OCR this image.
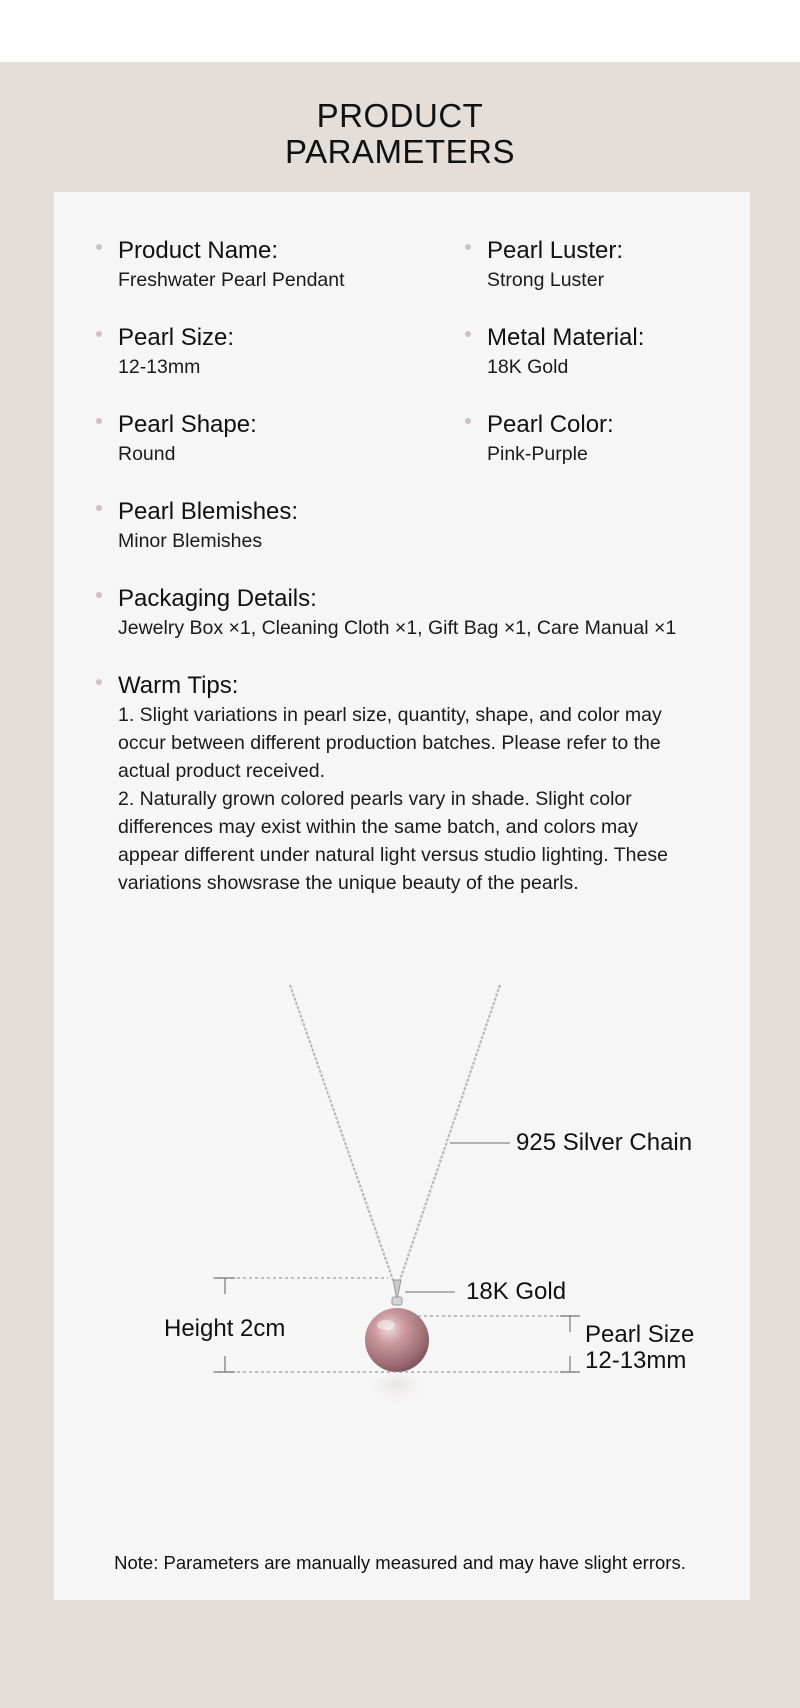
PRODUCT
PARAMETERS
Product Name:
Freshwater Pearl Pendant
Pearl Luster:
Strong Luster
Pearl Size:
12-13mm
Metal Material:
18K Gold
Pearl Shape:
Round
Pearl Color:
Pink-Purple
Pearl Blemishes:
Minor Blemishes
Packaging Details:
Jewelry Box ×1, Cleaning Cloth ×1, Gift Bag ×1, Care Manual ×1
Warm Tips:
1. Slight variations in pearl size, quantity, shape, and color may
occur between different production batches. Please refer to the
actual product received.
2. Naturally grown colored pearls vary in shade. Slight color
differences may exist within the same batch, and colors may
appear different under natural light versus studio lighting. These
variations showsrase the unique beauty of the pearls.
925 Silver Chain
18K Gold
Height 2cm	Pearl Size
12-13mm
Note: Parameters are manually measured and may have slight errors.
